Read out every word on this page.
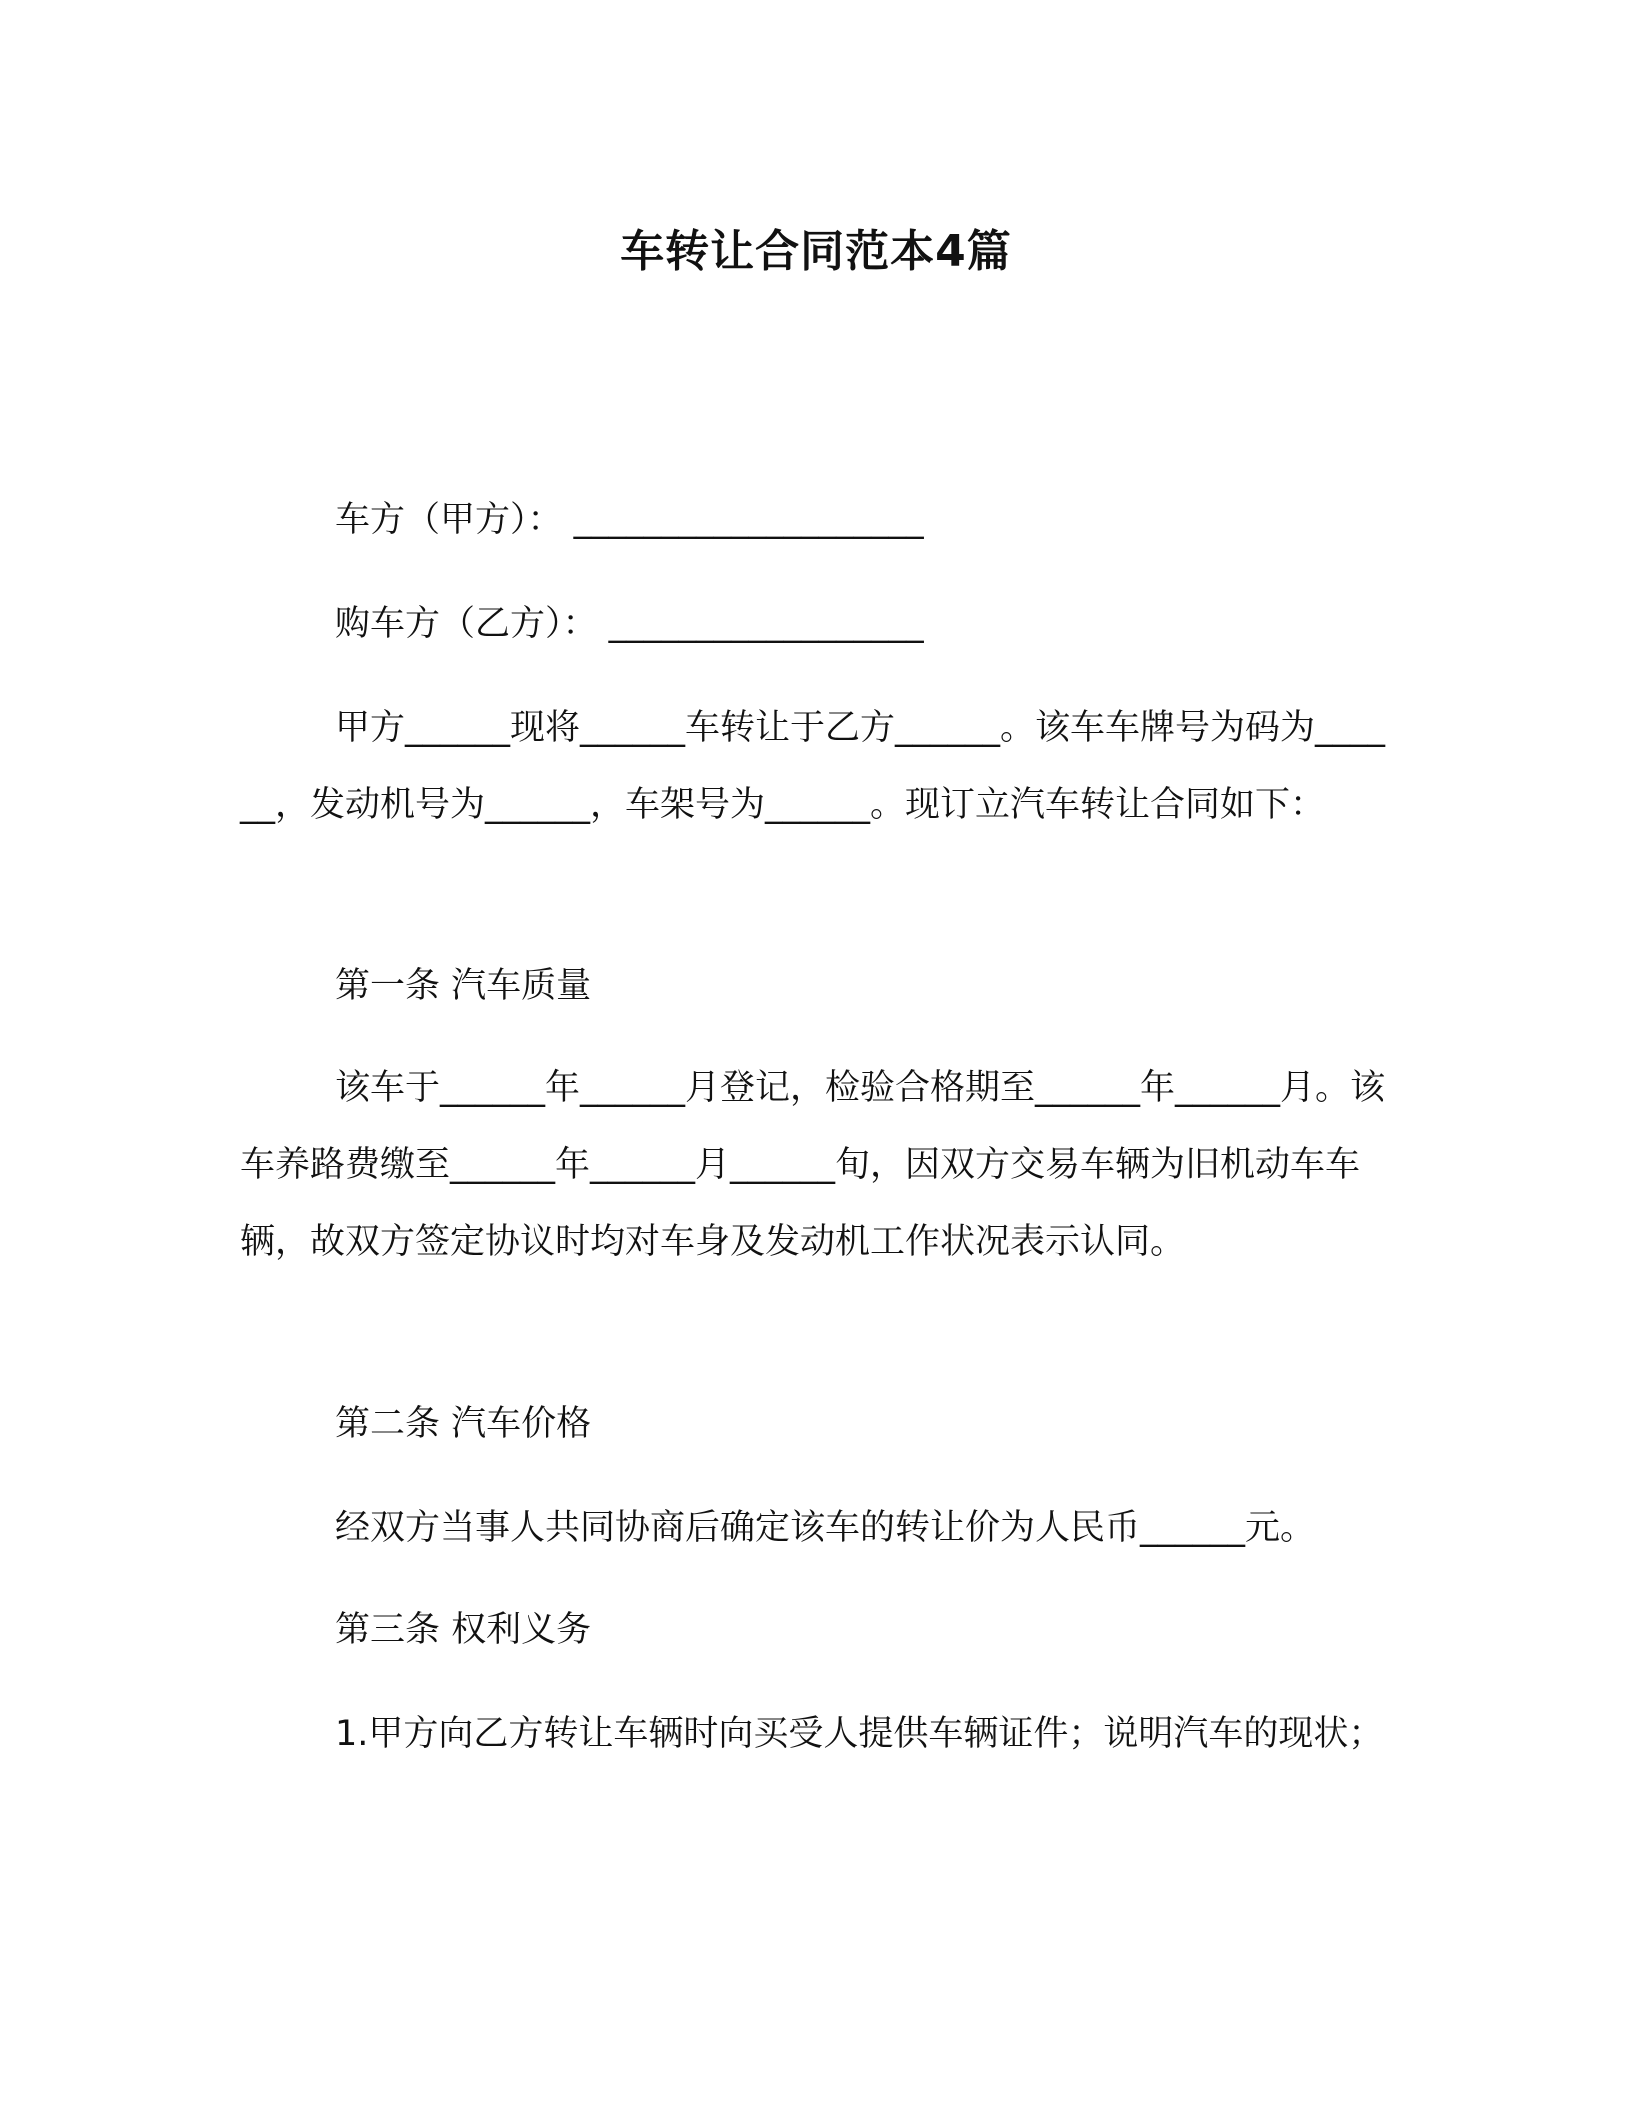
车转让合同范本4篇
车方（甲方）： ____________________
购车方（乙方）： __________________

甲方______现将______车转让于乙方______。该车车牌号为码为______，发动机号为______，车架号为______。现订立汽车转让合同如下：

第一条 汽车质量

该车于______年______月登记，检验合格期至______年______月。该车养路费缴至______年______月______旬，因双方交易车辆为旧机动车车辆，故双方签定协议时均对车身及发动机工作状况表示认同。

第二条 汽车价格
经双方当事人共同协商后确定该车的转让价为人民币______元。
第三条 权利义务

1.甲方向乙方转让车辆时向买受人提供车辆证件；说明汽车的现状；
